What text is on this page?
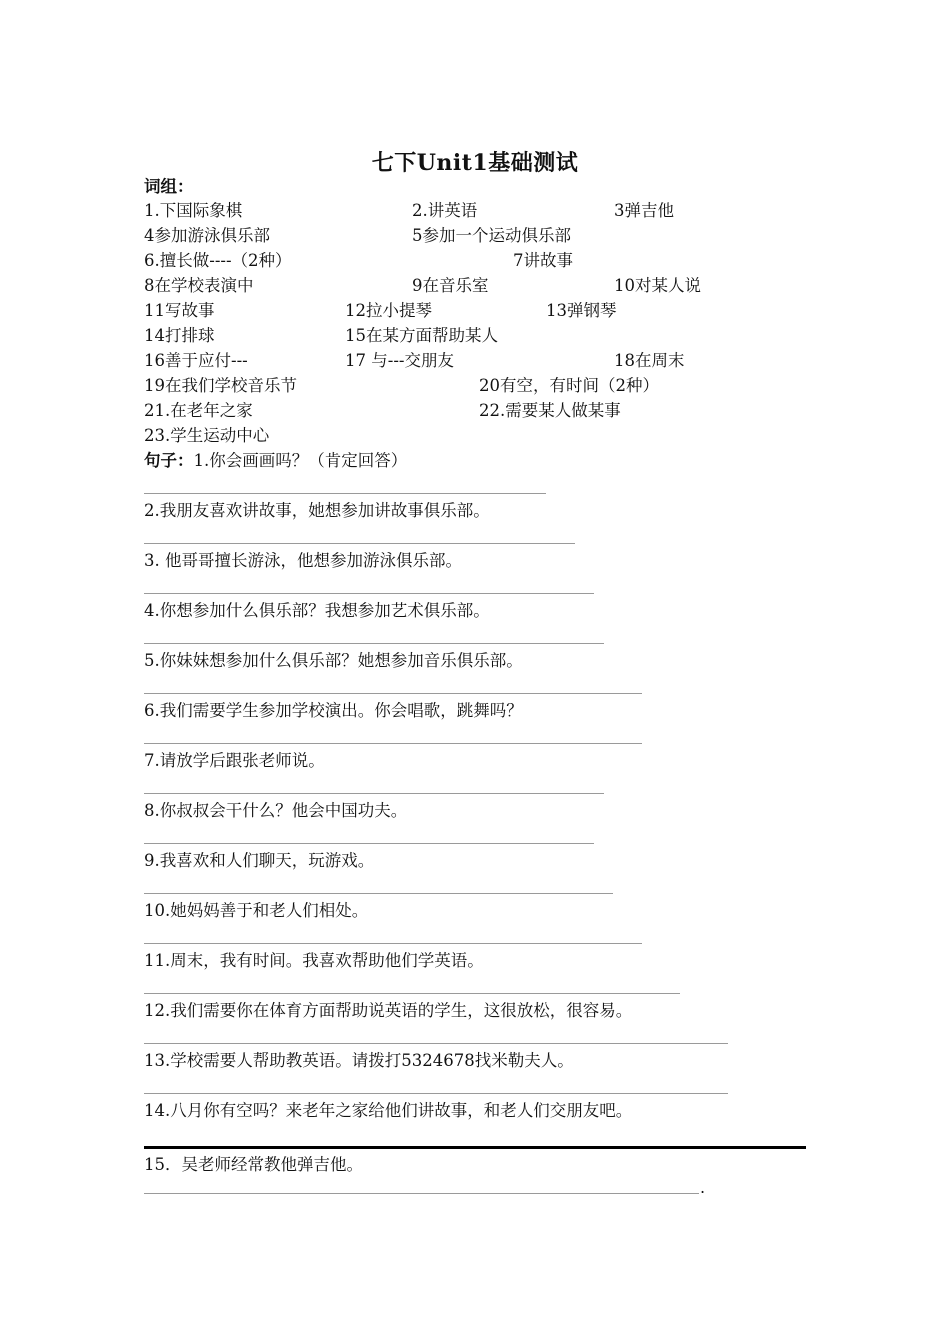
七下Unit1基础测试
词组：
1.下国际象棋	2.讲英语	3弹吉他
4参加游泳俱乐部	5参加一个运动俱乐部
6.擅长做----（2种）	7讲故事
8在学校表演中	9在音乐室	10对某人说
11写故事	12拉小提琴	13弹钢琴
14打排球	15在某方面帮助某人
16善于应付---	17 与---交朋友	18在周末
19在我们学校音乐节	20有空，有时间（2种）
21.在老年之家	22.需要某人做某事
23.学生运动中心
句子：1.你会画画吗？（肯定回答）
2.我朋友喜欢讲故事，她想参加讲故事俱乐部。
3. 他哥哥擅长游泳，他想参加游泳俱乐部。
4.你想参加什么俱乐部？我想参加艺术俱乐部。
5.你妹妹想参加什么俱乐部？她想参加音乐俱乐部。
6.我们需要学生参加学校演出。你会唱歌，跳舞吗？
7.请放学后跟张老师说。
8.你叔叔会干什么？他会中国功夫。
9.我喜欢和人们聊天，玩游戏。
10.她妈妈善于和老人们相处。
11.周末，我有时间。我喜欢帮助他们学英语。
12.我们需要你在体育方面帮助说英语的学生，这很放松，很容易。
13.学校需要人帮助教英语。请拨打5324678找米勒夫人。
14.八月你有空吗？来老年之家给他们讲故事，和老人们交朋友吧。
15．吴老师经常教他弹吉他。
.
